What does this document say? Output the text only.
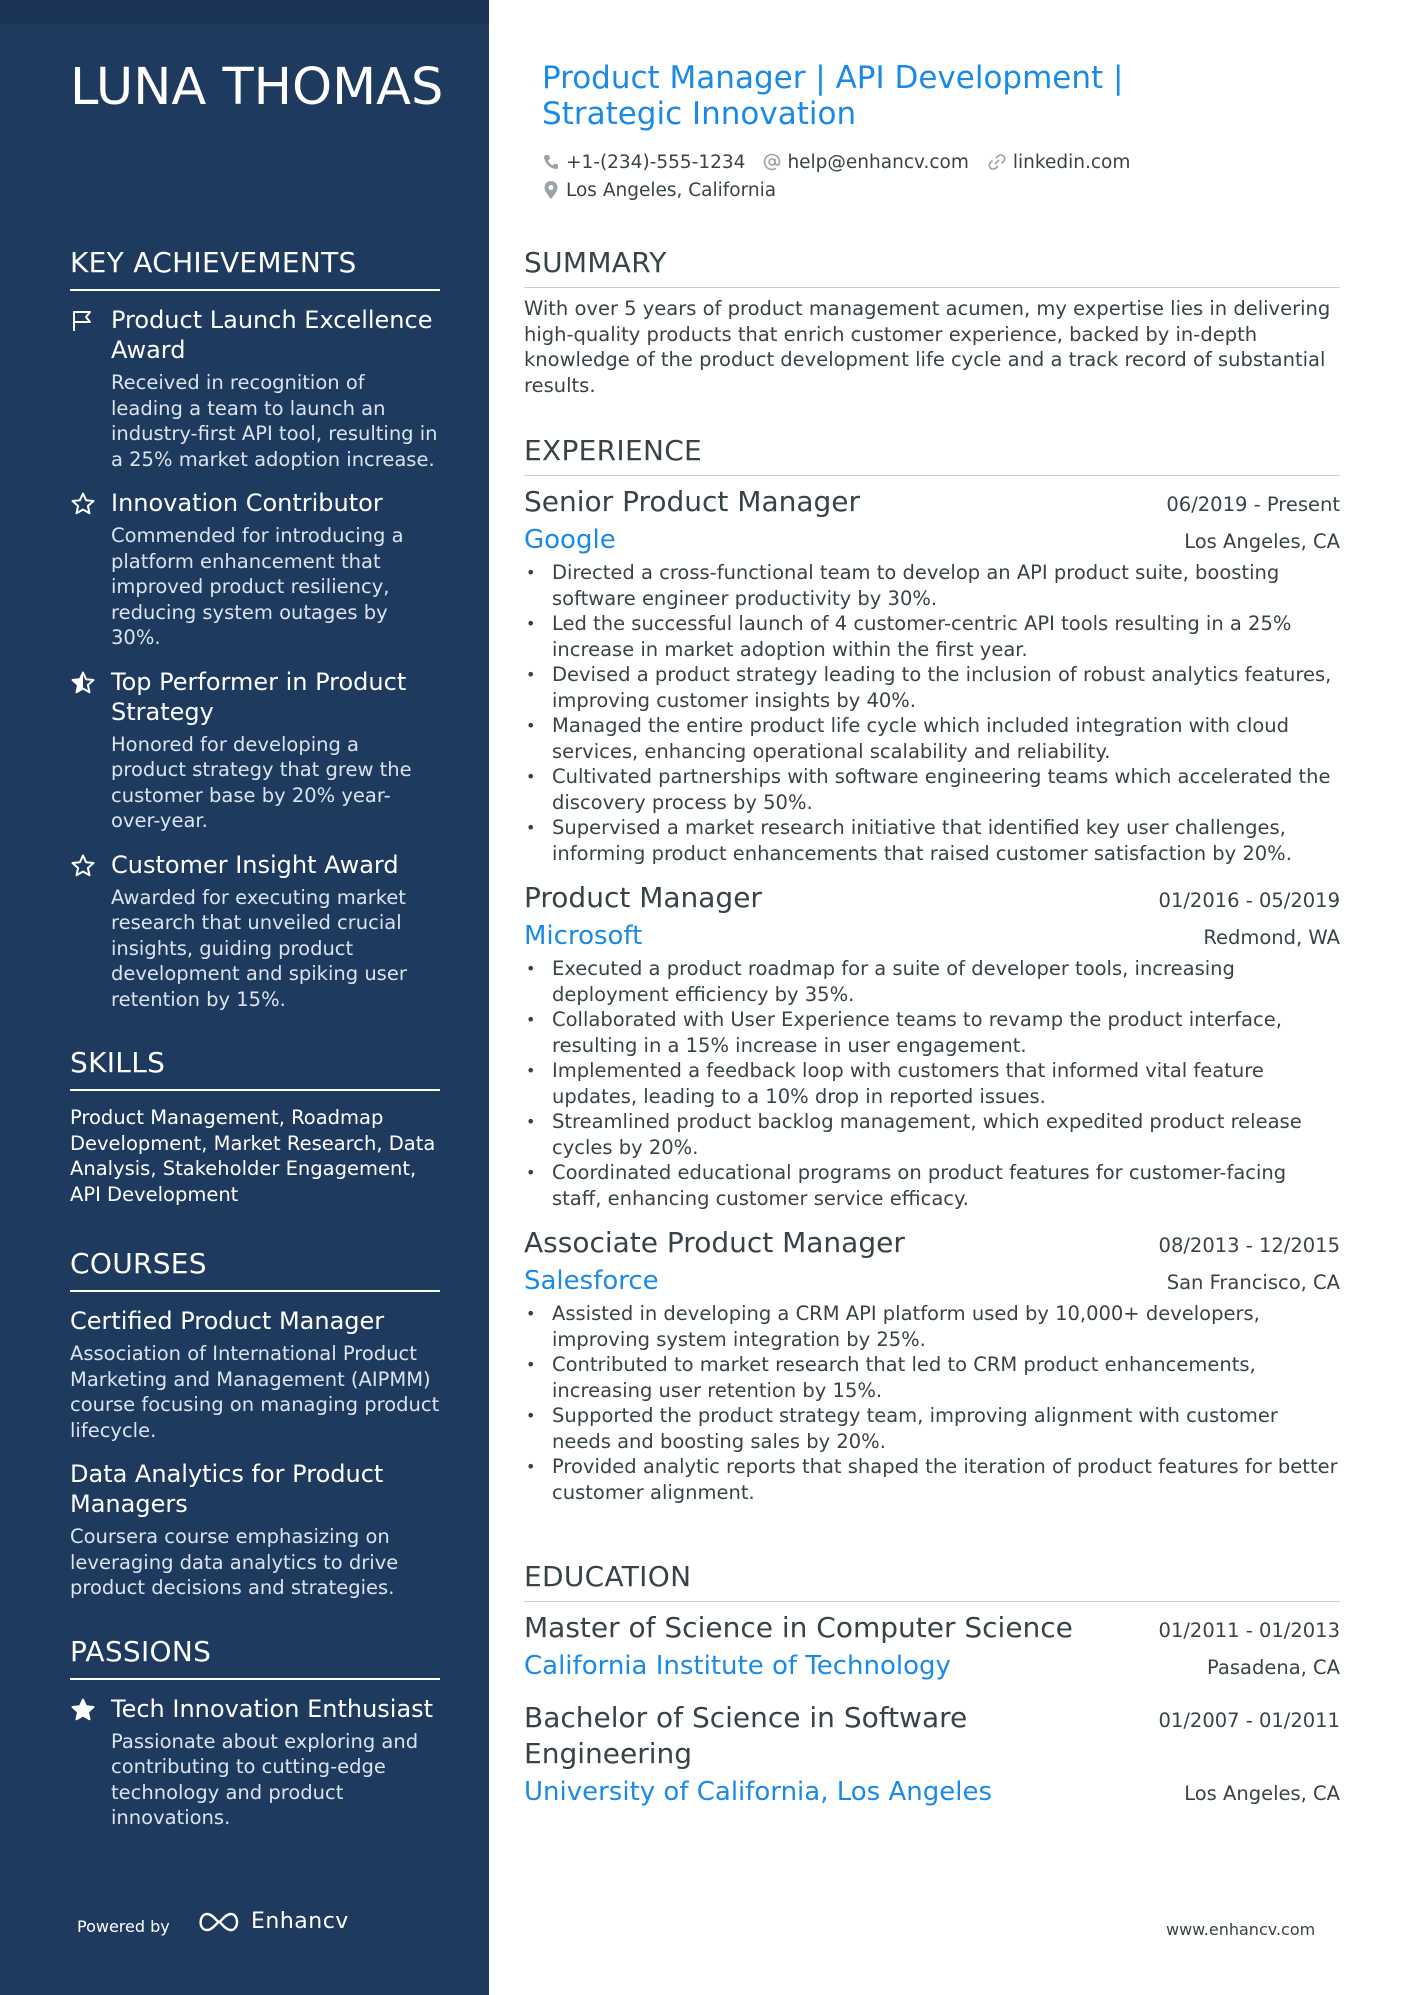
LUNA THOMAS
KEY ACHIEVEMENTS
Product Launch Excellence Award
Received in recognition of leading a team to launch an industry-first API tool, resulting in a 25% market adoption increase.
Innovation Contributor
Commended for introducing a platform enhancement that improved product resiliency, reducing system outages by 30%.
Top Performer in Product Strategy
Honored for developing a product strategy that grew the customer base by 20% year-over-year.
Customer Insight Award
Awarded for executing market research that unveiled crucial insights, guiding product development and spiking user retention by 15%.
SKILLS
Product Management, Roadmap Development, Market Research, Data Analysis, Stakeholder Engagement, API Development
COURSES
Certified Product Manager
Association of International Product Marketing and Management (AIPMM) course focusing on managing product lifecycle.
Data Analytics for Product Managers
Coursera course emphasizing on leveraging data analytics to drive product decisions and strategies.
PASSIONS
Tech Innovation Enthusiast
Passionate about exploring and contributing to cutting-edge technology and product innovations.
Powered by	Enhancv
Product Manager | API Development | Strategic Innovation
+1-(234)-555-1234 help@enhancv.com linkedin.com
Los Angeles, California
SUMMARY
With over 5 years of product management acumen, my expertise lies in delivering high-quality products that enrich customer experience, backed by in-depth knowledge of the product development life cycle and a track record of substantial results.
EXPERIENCE
Senior Product Manager	06/2019 - Present
Google	Los Angeles, CA
• Directed a cross-functional team to develop an API product suite, boosting software engineer productivity by 30%.
• Led the successful launch of 4 customer-centric API tools resulting in a 25% increase in market adoption within the first year.
• Devised a product strategy leading to the inclusion of robust analytics features, improving customer insights by 40%.
• Managed the entire product life cycle which included integration with cloud services, enhancing operational scalability and reliability.
• Cultivated partnerships with software engineering teams which accelerated the discovery process by 50%.
• Supervised a market research initiative that identified key user challenges, informing product enhancements that raised customer satisfaction by 20%.
Product Manager	01/2016 - 05/2019
Microsoft	Redmond, WA
• Executed a product roadmap for a suite of developer tools, increasing deployment efficiency by 35%.
• Collaborated with User Experience teams to revamp the product interface, resulting in a 15% increase in user engagement.
• Implemented a feedback loop with customers that informed vital feature updates, leading to a 10% drop in reported issues.
• Streamlined product backlog management, which expedited product release cycles by 20%.
• Coordinated educational programs on product features for customer-facing staff, enhancing customer service efficacy.
Associate Product Manager	08/2013 - 12/2015
Salesforce	San Francisco, CA
• Assisted in developing a CRM API platform used by 10,000+ developers, improving system integration by 25%.
• Contributed to market research that led to CRM product enhancements, increasing user retention by 15%.
• Supported the product strategy team, improving alignment with customer needs and boosting sales by 20%.
• Provided analytic reports that shaped the iteration of product features for better customer alignment.
EDUCATION
Master of Science in Computer Science	01/2011 - 01/2013
California Institute of Technology	Pasadena, CA
Bachelor of Science in Software Engineering
01/2007 - 01/2011
University of California, Los Angeles	Los Angeles, CA
www.enhancv.com
